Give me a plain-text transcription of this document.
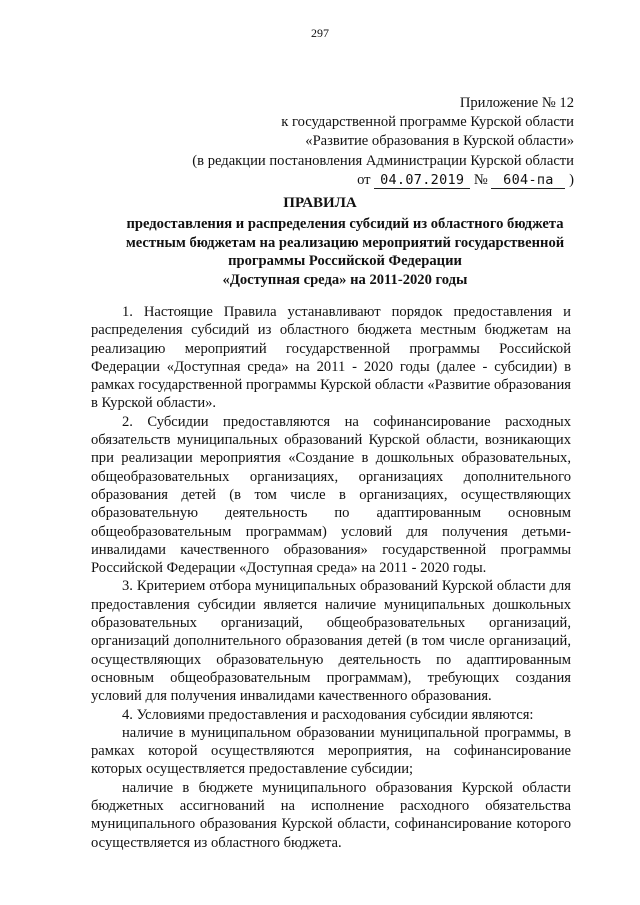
297
Приложение № 12
к государственной программе Курской области
«Развитие образования в Курской области»
(в редакции постановления Администрации Курской области
от 04.07.2019 № 604-па )
ПРАВИЛА
предоставления и распределения субсидий из областного бюджета
местным бюджетам на реализацию мероприятий государственной
программы Российской Федерации
«Доступная среда» на 2011-2020 годы

1. Настоящие Правила устанавливают порядок предоставления и распределения субсидий из областного бюджета местным бюджетам на реализацию мероприятий государственной программы Российской Федерации «Доступная среда» на 2011 - 2020 годы (далее - субсидии) в рамках государственной программы Курской области «Развитие образования в Курской области».

2. Субсидии предоставляются на софинансирование расходных обязательств муниципальных образований Курской области, возникающих при реализации мероприятия «Создание в дошкольных образовательных, общеобразовательных организациях, организациях дополнительного образования детей (в том числе в организациях, осуществляющих образовательную деятельность по адаптированным основным общеобразовательным программам) условий для получения детьми-инвалидами качественного образования» государственной программы Российской Федерации «Доступная среда» на 2011 - 2020 годы.

3. Критерием отбора муниципальных образований Курской области для предоставления субсидии является наличие муниципальных дошкольных образовательных организаций, общеобразовательных организаций, организаций дополнительного образования детей (в том числе организаций, осуществляющих образовательную деятельность по адаптированным основным общеобразовательным программам), требующих создания условий для получения инвалидами качественного образования.

4. Условиями предоставления и расходования субсидии являются:

наличие в муниципальном образовании муниципальной программы, в рамках которой осуществляются мероприятия, на софинансирование которых осуществляется предоставление субсидии;

наличие в бюджете муниципального образования Курской области бюджетных ассигнований на исполнение расходного обязательства муниципального образования Курской области, софинансирование которого осуществляется из областного бюджета.
